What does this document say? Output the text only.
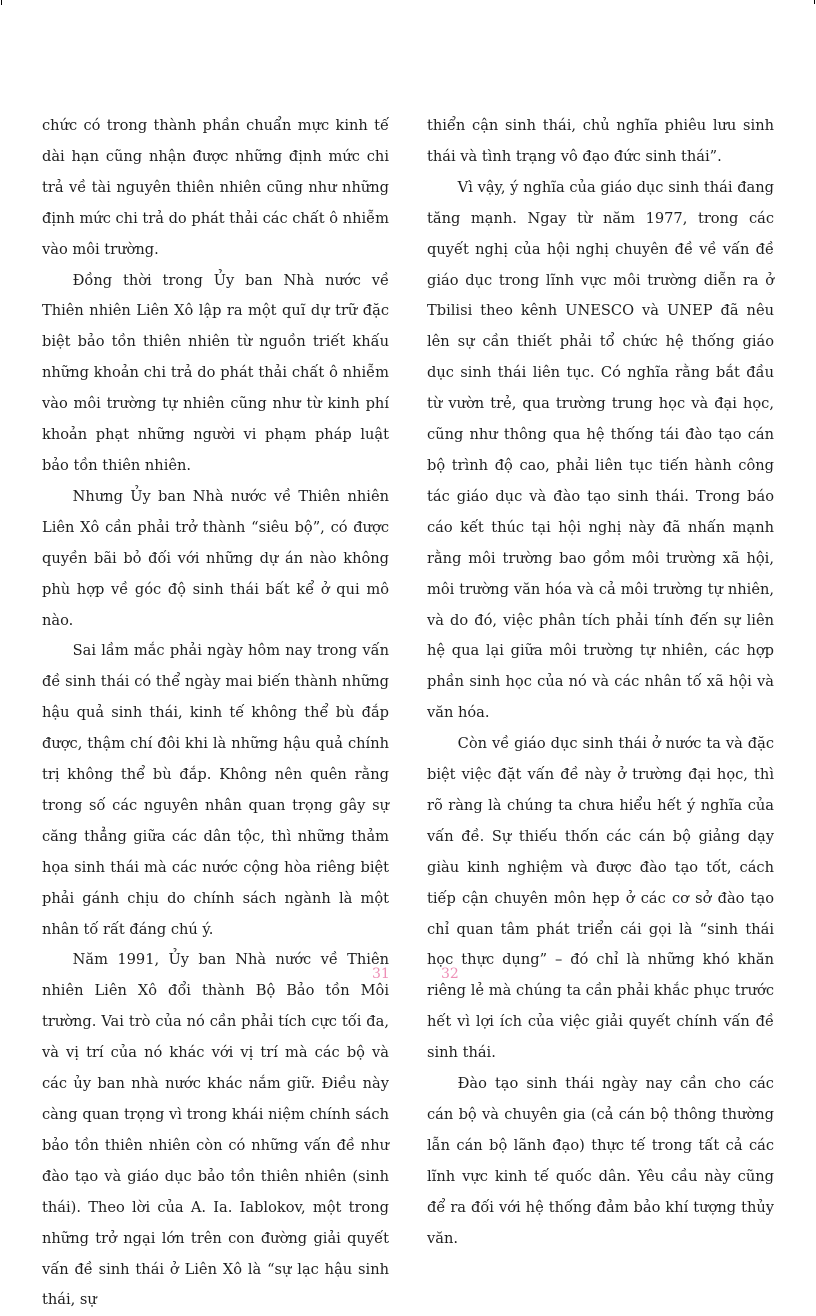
chức có trong thành phần chuẩn mực kinh tế dài hạn cũng nhận được những định mức chi trả về tài nguyên thiên nhiên cũng như những định mức chi trả do phát thải các chất ô nhiễm vào môi trường.

Đồng thời trong Ủy ban Nhà nước về Thiên nhiên Liên Xô lập ra một quĩ dự trữ đặc biệt bảo tồn thiên nhiên từ nguồn triết khấu những khoản chi trả do phát thải chất ô nhiễm vào môi trường tự nhiên cũng như từ kinh phí khoản phạt những người vi phạm pháp luật bảo tồn thiên nhiên.

Nhưng Ủy ban Nhà nước về Thiên nhiên Liên Xô cần phải trở thành “siêu bộ”, có được quyền bãi bỏ đối với những dự án nào không phù hợp về góc độ sinh thái bất kể ở qui mô nào.

Sai lầm mắc phải ngày hôm nay trong vấn đề sinh thái có thể ngày mai biến thành những hậu quả sinh thái, kinh tế không thể bù đắp được, thậm chí đôi khi là những hậu quả chính trị không thể bù đắp. Không nên quên rằng trong số các nguyên nhân quan trọng gây sự căng thẳng giữa các dân tộc, thì những thảm họa sinh thái mà các nước cộng hòa riêng biệt phải gánh chịu do chính sách ngành là một nhân tố rất đáng chú ý.

Năm 1991, Ủy ban Nhà nước về Thiên nhiên Liên Xô đổi thành Bộ Bảo tồn Môi trường. Vai trò của nó cần phải tích cực tối đa, và vị trí của nó khác với vị trí mà các bộ và các ủy ban nhà nước khác nắm giữ. Điều này càng quan trọng vì trong khái niệm chính sách bảo tồn thiên nhiên còn có những vấn đề như đào tạo và giáo dục bảo tồn thiên nhiên (sinh thái). Theo lời của A. Ia. Iablokov, một trong những trở ngại lớn trên con đường giải quyết vấn đề sinh thái ở Liên Xô là “sự lạc hậu sinh thái, sự

thiển cận sinh thái, chủ nghĩa phiêu lưu sinh thái và tình trạng vô đạo đức sinh thái”.

Vì vậy, ý nghĩa của giáo dục sinh thái đang tăng mạnh. Ngay từ năm 1977, trong các quyết nghị của hội nghị chuyên đề về vấn đề giáo dục trong lĩnh vực môi trường diễn ra ở Tbilisi theo kênh UNESCO và UNEP đã nêu lên sự cần thiết phải tổ chức hệ thống giáo dục sinh thái liên tục. Có nghĩa rằng bắt đầu từ vườn trẻ, qua trường trung học và đại học, cũng như thông qua hệ thống tái đào tạo cán bộ trình độ cao, phải liên tục tiến hành công tác giáo dục và đào tạo sinh thái. Trong báo cáo kết thúc tại hội nghị này đã nhấn mạnh rằng môi trường bao gồm môi trường xã hội, môi trường văn hóa và cả môi trường tự nhiên, và do đó, việc phân tích phải tính đến sự liên hệ qua lại giữa môi trường tự nhiên, các hợp phần sinh học của nó và các nhân tố xã hội và văn hóa.

Còn về giáo dục sinh thái ở nước ta và đặc biệt việc đặt vấn đề này ở trường đại học, thì rõ ràng là chúng ta chưa hiểu hết ý nghĩa của vấn đề. Sự thiếu thốn các cán bộ giảng dạy giàu kinh nghiệm và được đào tạo tốt, cách tiếp cận chuyên môn hẹp ở các cơ sở đào tạo chỉ quan tâm phát triển cái gọi là “sinh thái học thực dụng” – đó chỉ là những khó khăn riêng lẻ mà chúng ta cần phải khắc phục trước hết vì lợi ích của việc giải quyết chính vấn đề sinh thái.

Đào tạo sinh thái ngày nay cần cho các cán bộ và chuyên gia (cả cán bộ thông thường lẫn cán bộ lãnh đạo) thực tế trong tất cả các lĩnh vực kinh tế quốc dân. Yêu cầu này cũng để ra đối với hệ thống đảm bảo khí tượng thủy văn.

31	32
